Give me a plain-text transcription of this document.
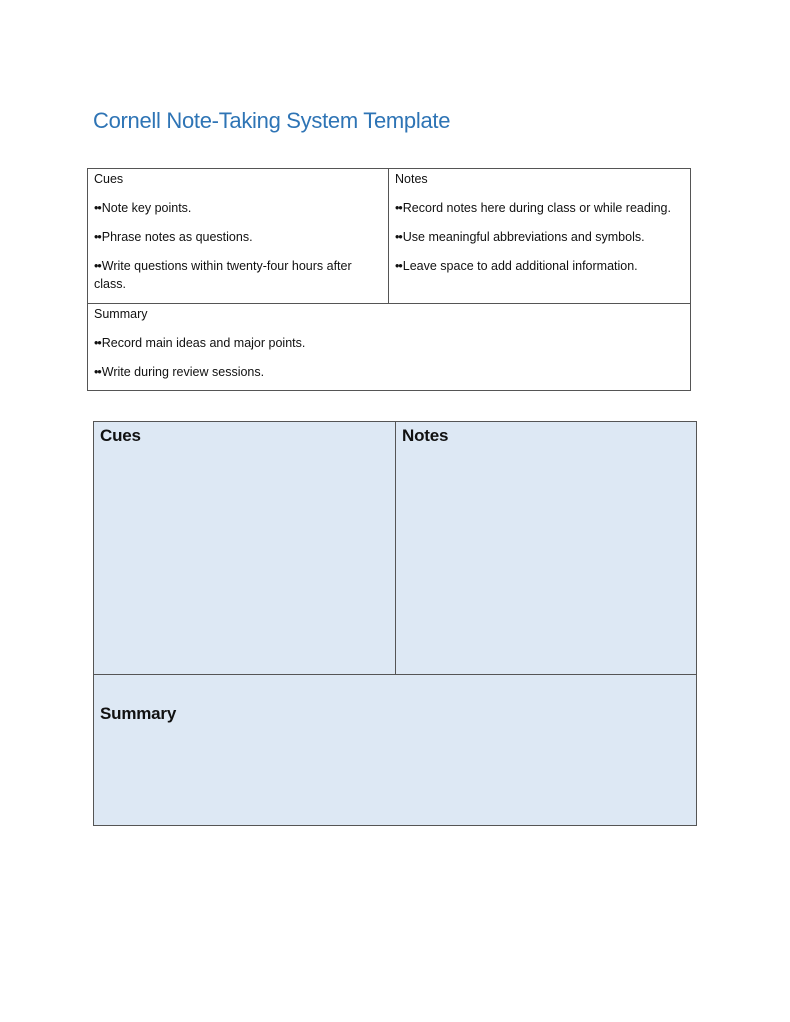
Cornell Note-Taking System Template

Cues

••Note key points.

••Phrase notes as questions.

••Write questions within twenty-four hours after class.

Notes

••Record notes here during class or while reading.

••Use meaningful abbreviations and symbols.

••Leave space to add additional information.

Summary

••Record main ideas and major points.

••Write during review sessions.

Cues	Notes

Summary
